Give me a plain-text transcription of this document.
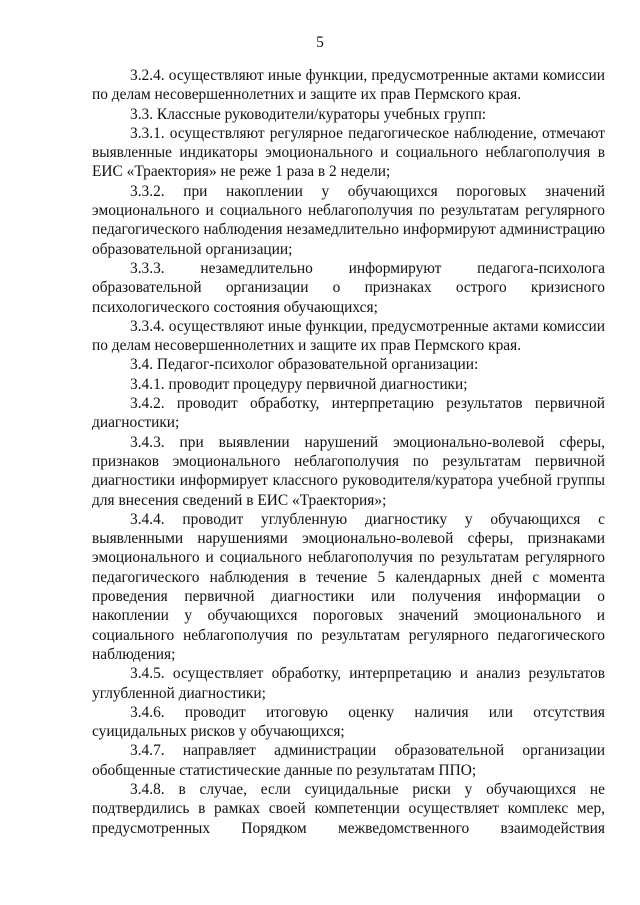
5

3.2.4. осуществляют иные функции, предусмотренные актами комиссии по делам несовершеннолетних и защите их прав Пермского края.

3.3. Классные руководители/кураторы учебных групп:

3.3.1. осуществляют регулярное педагогическое наблюдение, отмечают выявленные индикаторы эмоционального и социального неблагополучия в ЕИС «Траектория» не реже 1 раза в 2 недели;

3.3.2. при накоплении у обучающихся пороговых значений эмоционального и социального неблагополучия по результатам регулярного педагогического наблюдения незамедлительно информируют администрацию образовательной организации;

3.3.3. незамедлительно информируют педагога-психолога образовательной организации о признаках острого кризисного психологического состояния обучающихся;

3.3.4. осуществляют иные функции, предусмотренные актами комиссии по делам несовершеннолетних и защите их прав Пермского края.

3.4. Педагог-психолог образовательной организации:

3.4.1. проводит процедуру первичной диагностики;

3.4.2. проводит обработку, интерпретацию результатов первичной диагностики;

3.4.3. при выявлении нарушений эмоционально-волевой сферы, признаков эмоционального неблагополучия по результатам первичной диагностики информирует классного руководителя/куратора учебной группы для внесения сведений в ЕИС «Траектория»;

3.4.4. проводит углубленную диагностику у обучающихся с выявленными нарушениями эмоционально-волевой сферы, признаками эмоционального и социального неблагополучия по результатам регулярного педагогического наблюдения в течение 5 календарных дней с момента проведения первичной диагностики или получения информации о накоплении у обучающихся пороговых значений эмоционального и социального неблагополучия по результатам регулярного педагогического наблюдения;

3.4.5. осуществляет обработку, интерпретацию и анализ результатов углубленной диагностики;

3.4.6. проводит итоговую оценку наличия или отсутствия суицидальных рисков у обучающихся;

3.4.7. направляет администрации образовательной организации обобщенные статистические данные по результатам ППО;

3.4.8. в случае, если суицидальные риски у обучающихся не подтвердились в рамках своей компетенции осуществляет комплекс мер, предусмотренных Порядком межведомственного взаимодействия
